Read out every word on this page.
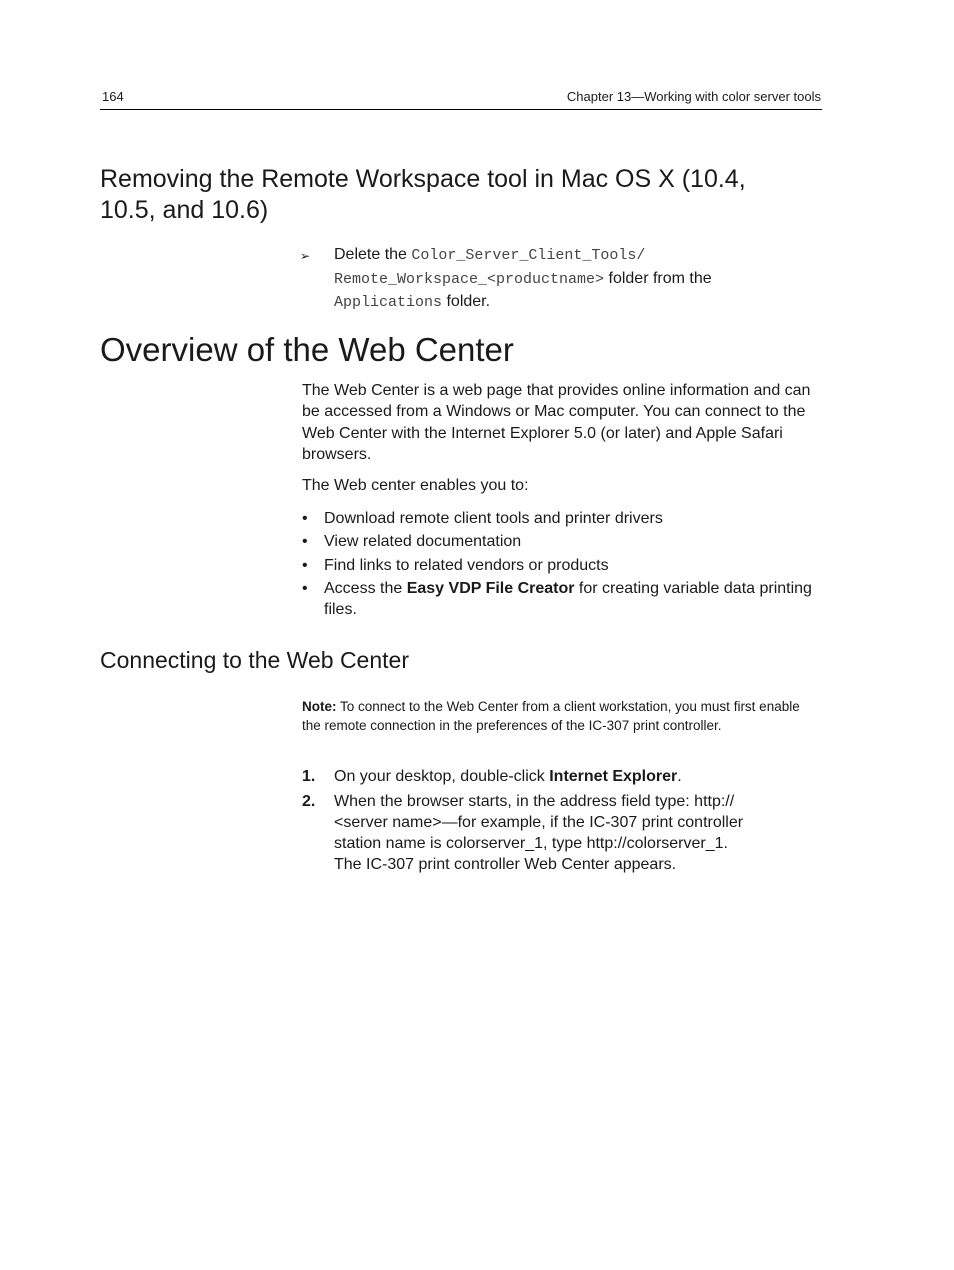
164	Chapter 13—Working with color server tools
Removing the Remote Workspace tool in Mac OS X (10.4, 10.5, and 10.6)
➢ Delete the Color_Server_Client_Tools/
Remote_Workspace_<productname> folder from the
Applications folder.
Overview of the Web Center

The Web Center is a web page that provides online information and can be accessed from a Windows or Mac computer. You can connect to the Web Center with the Internet Explorer 5.0 (or later) and Apple Safari browsers.

The Web center enables you to:

• Download remote client tools and printer drivers
• View related documentation
• Find links to related vendors or products
• Access the Easy VDP File Creator for creating variable data printing files.
Connecting to the Web Center

Note: To connect to the Web Center from a client workstation, you must first enable the remote connection in the preferences of the IC-307 print controller.

1. On your desktop, double-click Internet Explorer.
2. When the browser starts, in the address field type: http://
<server name>—for example, if the IC-307 print controller
station name is colorserver_1, type http://colorserver_1.
The IC-307 print controller Web Center appears.
